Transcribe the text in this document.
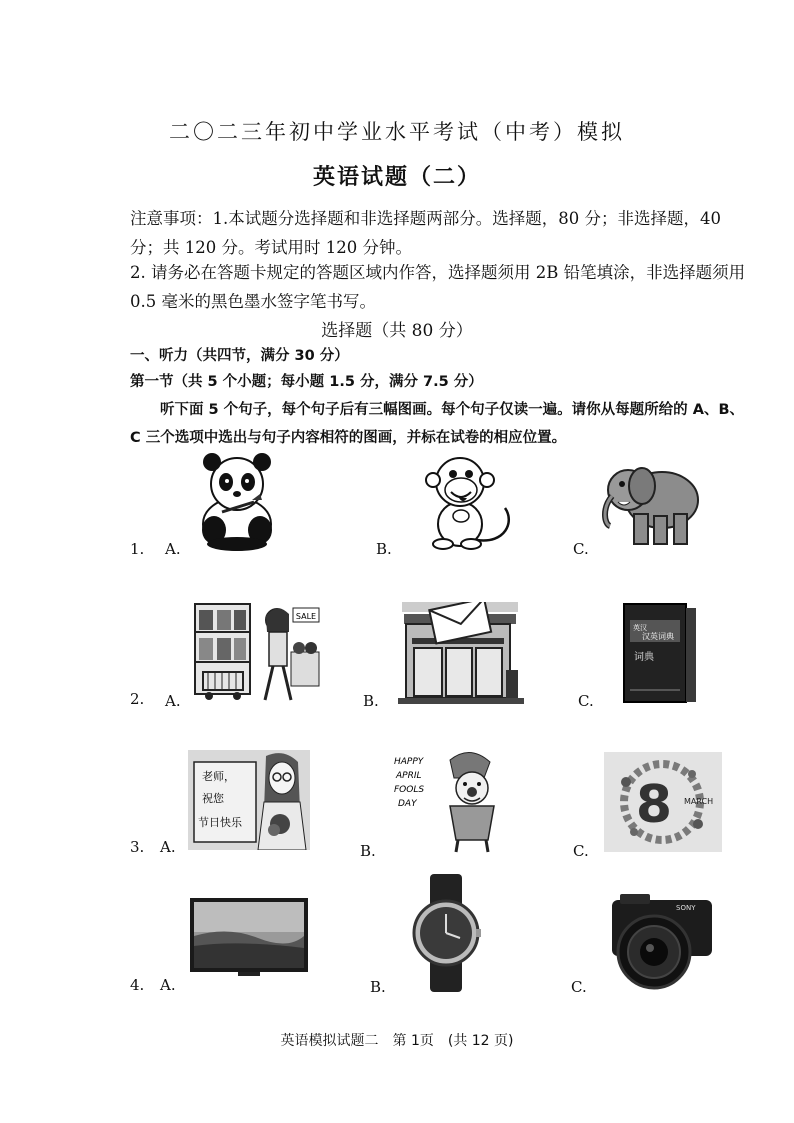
二〇二三年初中学业水平考试（中考）模拟
英语试题（二）
注意事项：1.本试题分选择题和非选择题两部分。选择题，80 分；非选择题，40 分；共 120 分。考试用时 120 分钟。
2. 请务必在答题卡规定的答题区域内作答，选择题须用 2B 铅笔填涂，非选择题须用 0.5 毫米的黑色墨水签字笔书写。
选择题（共 80 分）
一、听力（共四节，满分 30 分）
第一节（共 5 个小题；每小题 1.5 分，满分 7.5 分）
听下面 5 个句子，每个句子后有三幅图画。每个句子仅读一遍。请你从每题所给的 A、B、C 三个选项中选出与句子内容相符的图画，并标在试卷的相应位置。
1. A.	B.	C.
2. A.	B.	C.
SALE
英汉
汉英词典
词典
3. A.	B.	C.
老师，
祝您
节日快乐
HAPPY
APRIL
FOOLS
DAY	8 MARCH
4. A.	B.	C.
SONY
英语模拟试题二　第 1页　(共 12 页)
